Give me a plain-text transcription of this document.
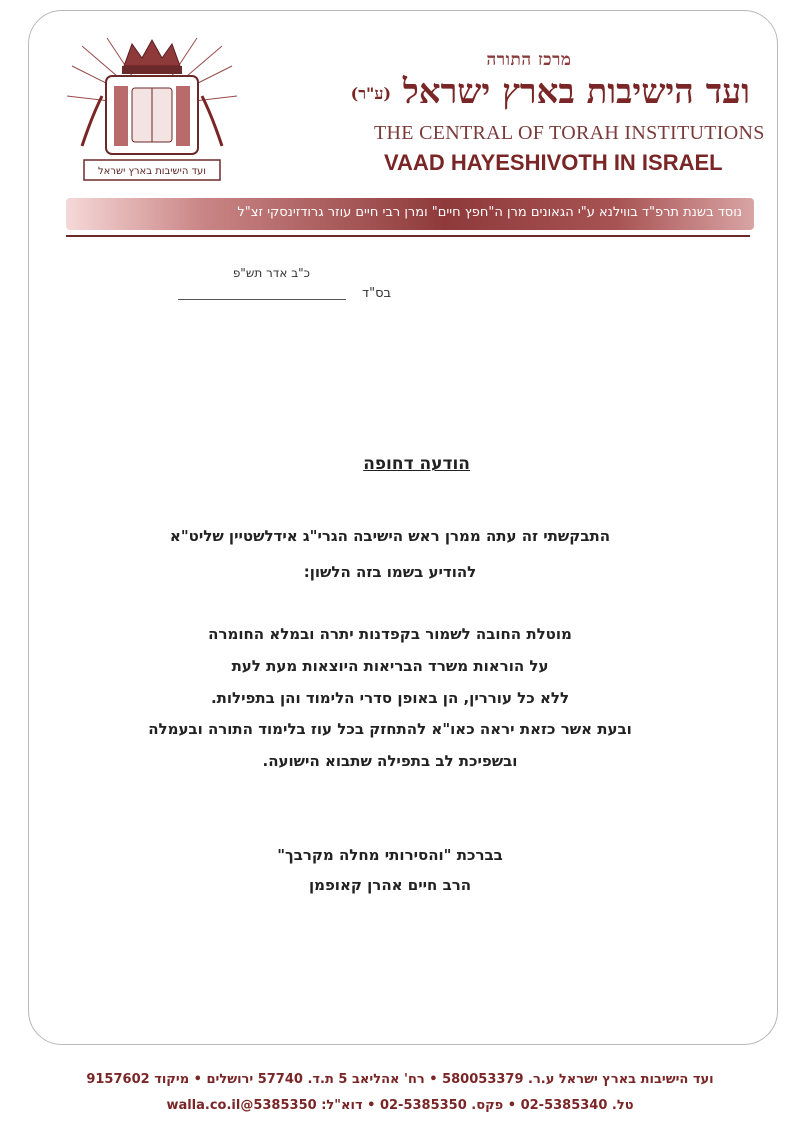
ועד הישיבות בארץ ישראל
מרכז התורה
ועד הישיבות בארץ ישראל (ע"ר)
THE CENTRAL OF TORAH INSTITUTIONS
VAAD HAYESHIVOTH IN ISRAEL
נוסד בשנת תרפ"ד בווילנא ע"י הגאונים מרן ה"חפץ חיים" ומרן רבי חיים עוזר גרודזינסקי זצ"ל
כ"ב אדר תש"פ
בס"ד
הודעה דחופה
התבקשתי זה עתה ממרן ראש הישיבה הגרי"ג אידלשטיין שליט"א
להודיע בשמו בזה הלשון:
מוטלת החובה לשמור בקפדנות יתרה ובמלא החומרה
על הוראות משרד הבריאות היוצאות מעת לעת
ללא כל עוררין, הן באופן סדרי הלימוד והן בתפילות.
ובעת אשר כזאת יראה כאו"א להתחזק בכל עוז בלימוד התורה ובעמלה
ובשפיכת לב בתפילה שתבוא הישועה.
בברכת "והסירותי מחלה מקרבך"
הרב חיים אהרן קאופמן
ועד הישיבות בארץ ישראל ע.ר. 580053379 • רח' אהליאב 5 ת.ד. 57740 ירושלים • מיקוד 9157602
טל. 02-5385340 • פקס. 02-5385350 • דוא"ל: 5385350@walla.co.il
